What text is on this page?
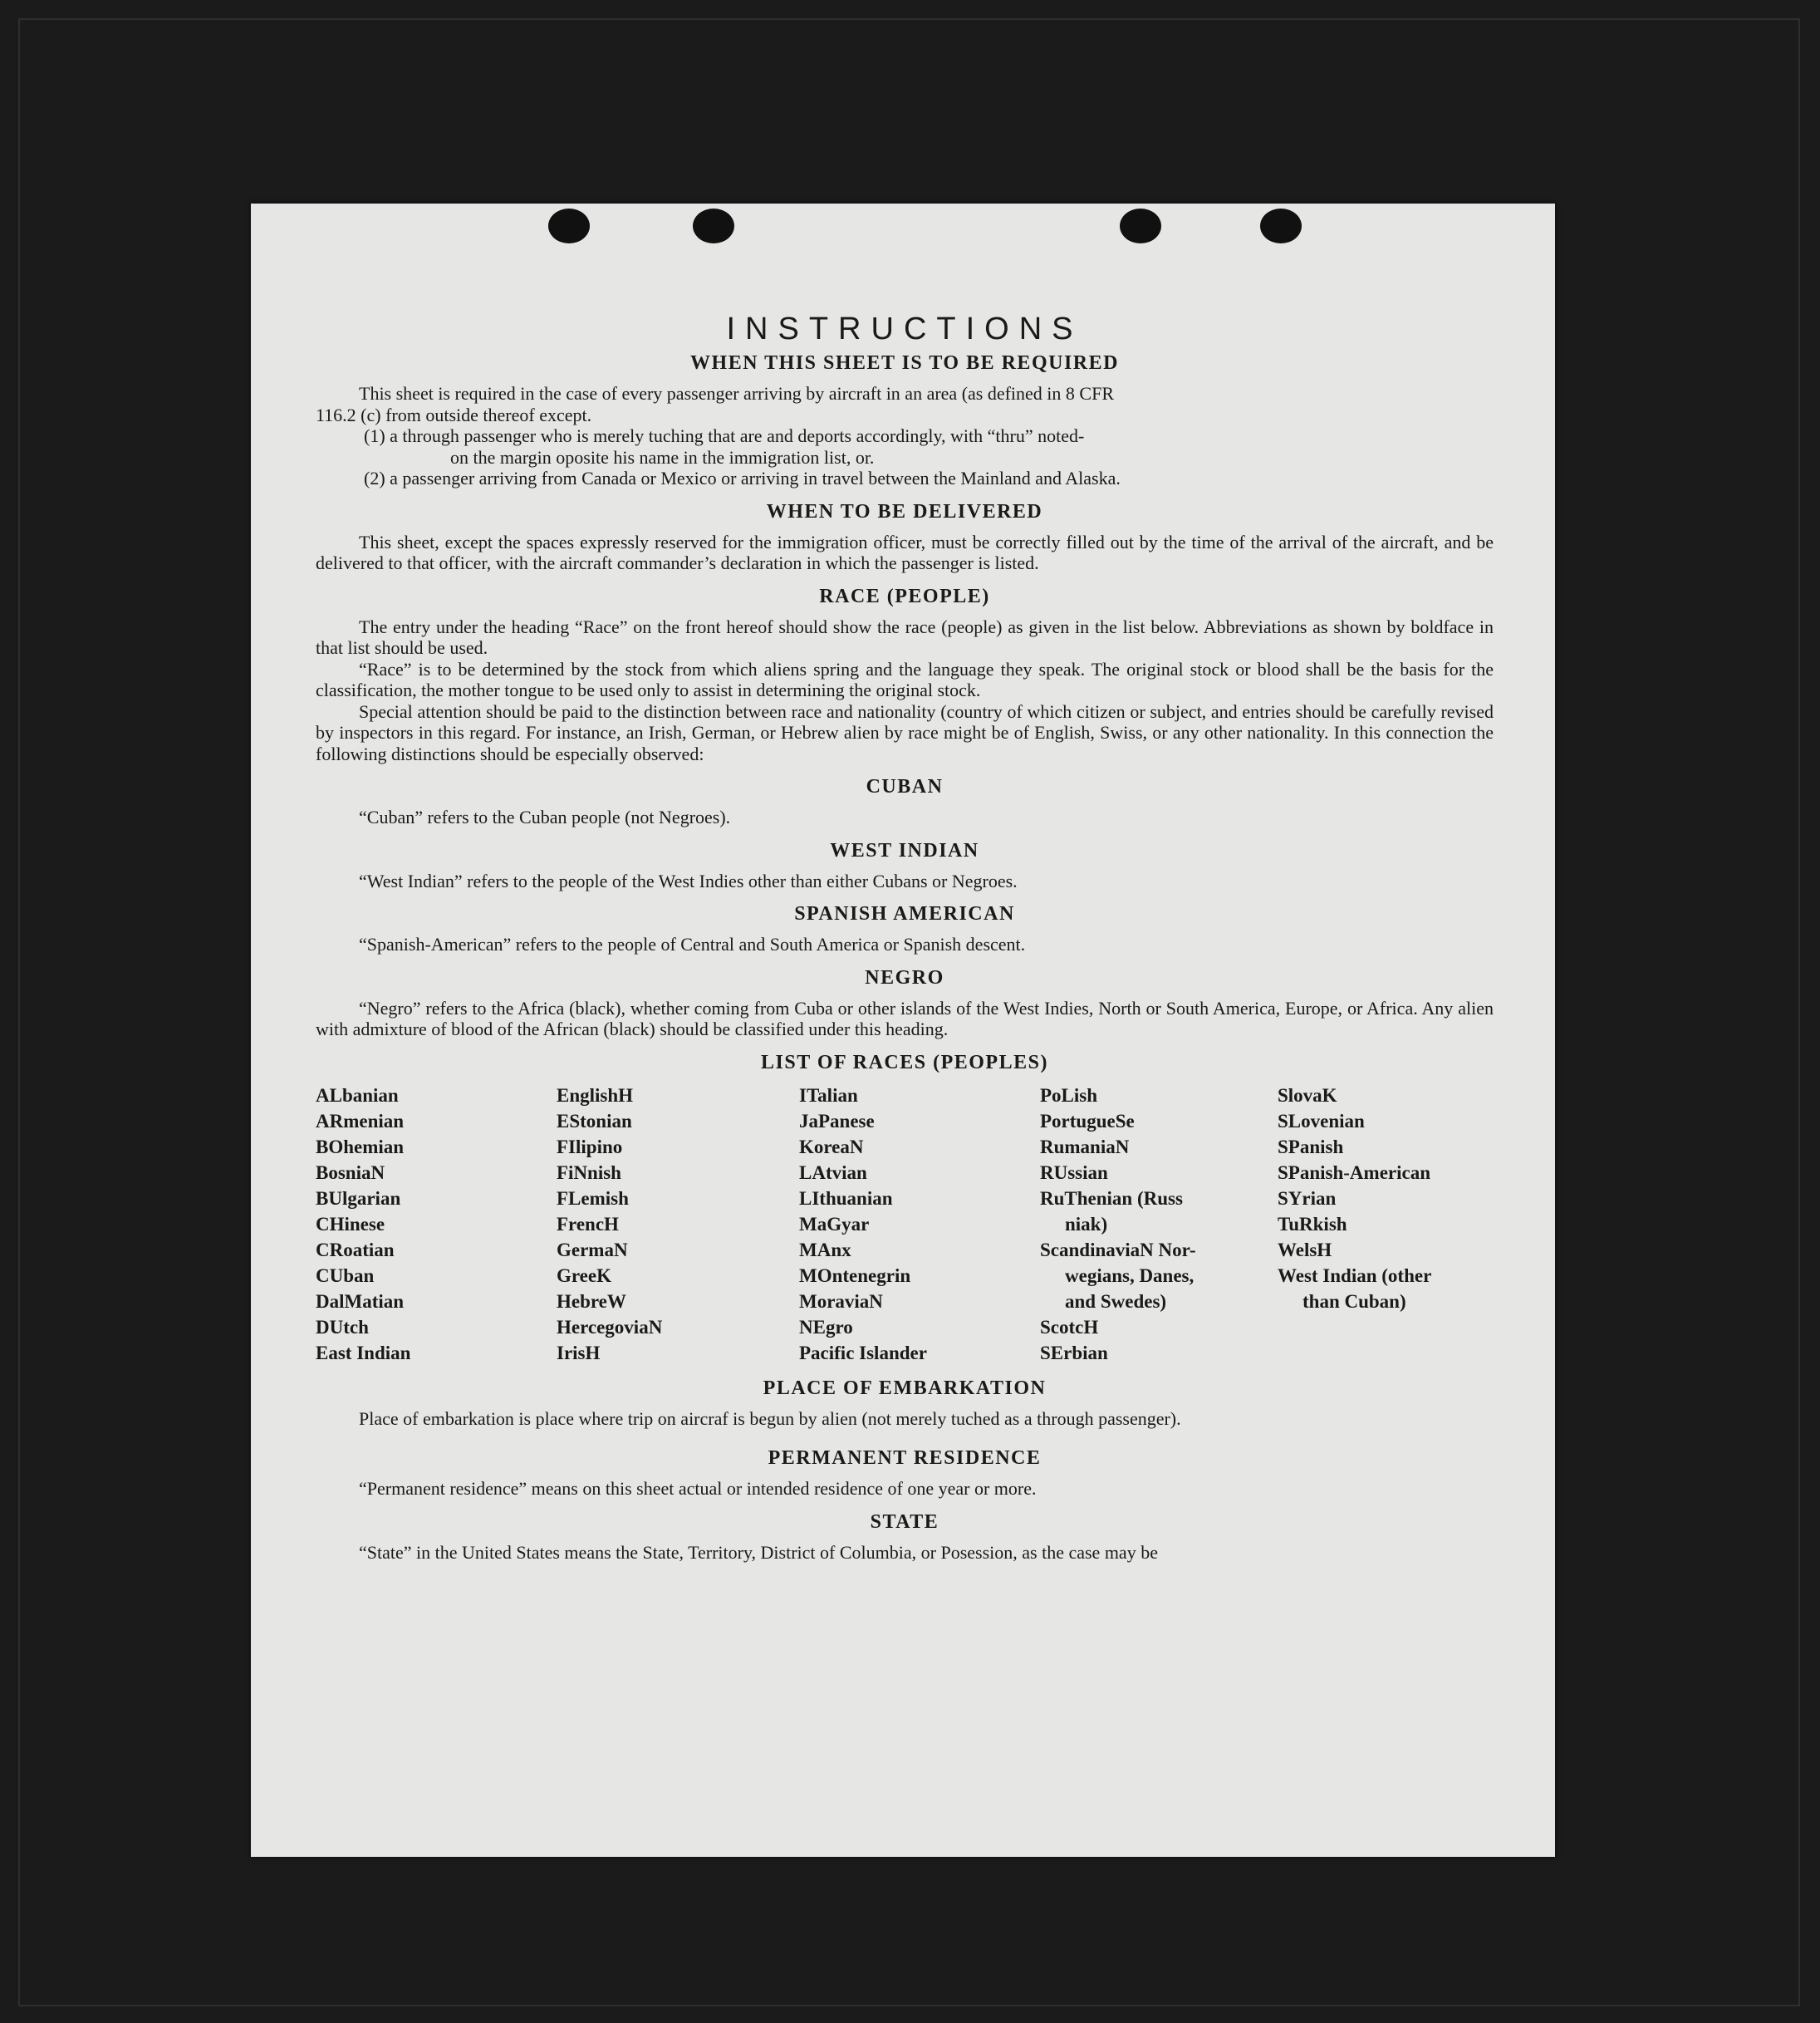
INSTRUCTIONS
WHEN THIS SHEET IS TO BE REQUIRED

This sheet is required in the case of every passenger arriving by aircraft in an area (as defined in 8 CFR

116.2 (c) from outside thereof except.

(1) a through passenger who is merely tuching that are and deports accordingly, with “thru” noted-
on the margin oposite his name in the immigration list, or.

(2) a passenger arriving from Canada or Mexico or arriving in travel between the Mainland and Alaska.

WHEN TO BE DELIVERED

This sheet, except the spaces expressly reserved for the immigration officer, must be correctly filled out by the time of the arrival of the aircraft, and be delivered to that officer, with the aircraft commander’s declaration in which the passenger is listed.

RACE (PEOPLE)

The entry under the heading “Race” on the front hereof should show the race (people) as given in the list below. Abbreviations as shown by boldface in that list should be used.

“Race” is to be determined by the stock from which aliens spring and the language they speak. The original stock or blood shall be the basis for the classification, the mother tongue to be used only to assist in determining the original stock.

Special attention should be paid to the distinction between race and nationality (country of which citizen or subject, and entries should be carefully revised by inspectors in this regard. For instance, an Irish, German, or Hebrew alien by race might be of English, Swiss, or any other nationality. In this connection the following distinctions should be especially observed:

CUBAN

“Cuban” refers to the Cuban people (not Negroes).

WEST INDIAN

“West Indian” refers to the people of the West Indies other than either Cubans or Negroes.

SPANISH AMERICAN

“Spanish-American” refers to the people of Central and South America or Spanish descent.

NEGRO

“Negro” refers to the Africa (black), whether coming from Cuba or other islands of the West Indies, North or South America, Europe, or Africa. Any alien with admixture of blood of the African (black) should be classified under this heading.

LIST OF RACES (PEOPLES)
ALbanian
ARmenian
BOhemian
BosniaN
BUlgarian
CHinese
CRoatian
CUban
DalMatian
DUtch
East Indian
EnglishH
EStonian
FIlipino
FiNnish
FLemish
FrencH
GermaN
GreeK
HebreW
HercegoviaN
IrisH
ITalian
JaPanese
KoreaN
LAtvian
LIthuanian
MaGyar
MAnx
MOntenegrin
MoraviaN
NEgro
Pacific Islander
PoLish
PortugueSe
RumaniaN
RUssian
RuThenian (Russ
niak)
ScandinaviaN Nor-
wegians, Danes,
and Swedes)
ScotcH
SErbian
SlovaK
SLovenian
SPanish
SPanish-American
SYrian
TuRkish
WelsH
West Indian (other
than Cuban)
PLACE OF EMBARKATION

Place of embarkation is place where trip on aircraf is begun by alien (not merely tuched as a through passenger).

PERMANENT RESIDENCE

“Permanent residence” means on this sheet actual or intended residence of one year or more.

STATE

“State” in the United States means the State, Territory, District of Columbia, or Posession, as the case may be
